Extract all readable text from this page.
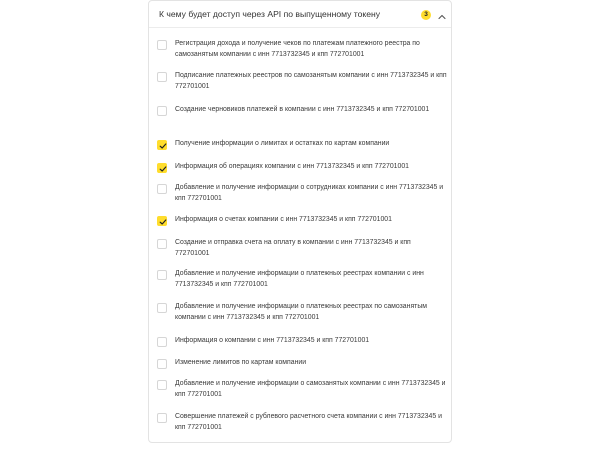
К чему будет доступ через API по выпущенному токену	3
Регистрация дохода и получение чеков по платежам платежного реестра по самозанятым компании с инн 7713732345 и кпп 772701001
Подписание платежных реестров по самозанятым компании с инн 7713732345 и кпп 772701001
Создание черновиков платежей в компании с инн 7713732345 и кпп 772701001
Получение информации о лимитах и остатках по картам компании
Информация об операциях компании с инн 7713732345 и кпп 772701001
Добавление и получение информации о сотрудниках компании с инн 7713732345 и кпп 772701001
Информация о счетах компании с инн 7713732345 и кпп 772701001
Создание и отправка счета на оплату в компании с инн 7713732345 и кпп 772701001
Добавление и получение информации о платежных реестрах компании с инн 7713732345 и кпп 772701001
Добавление и получение информации о платежных реестрах по самозанятым компании с инн 7713732345 и кпп 772701001
Информация о компании с инн 7713732345 и кпп 772701001
Изменение лимитов по картам компании
Добавление и получение информации о самозанятых компании с инн 7713732345 и кпп 772701001
Совершение платежей с рублевого расчетного счета компании с инн 7713732345 и кпп 772701001
